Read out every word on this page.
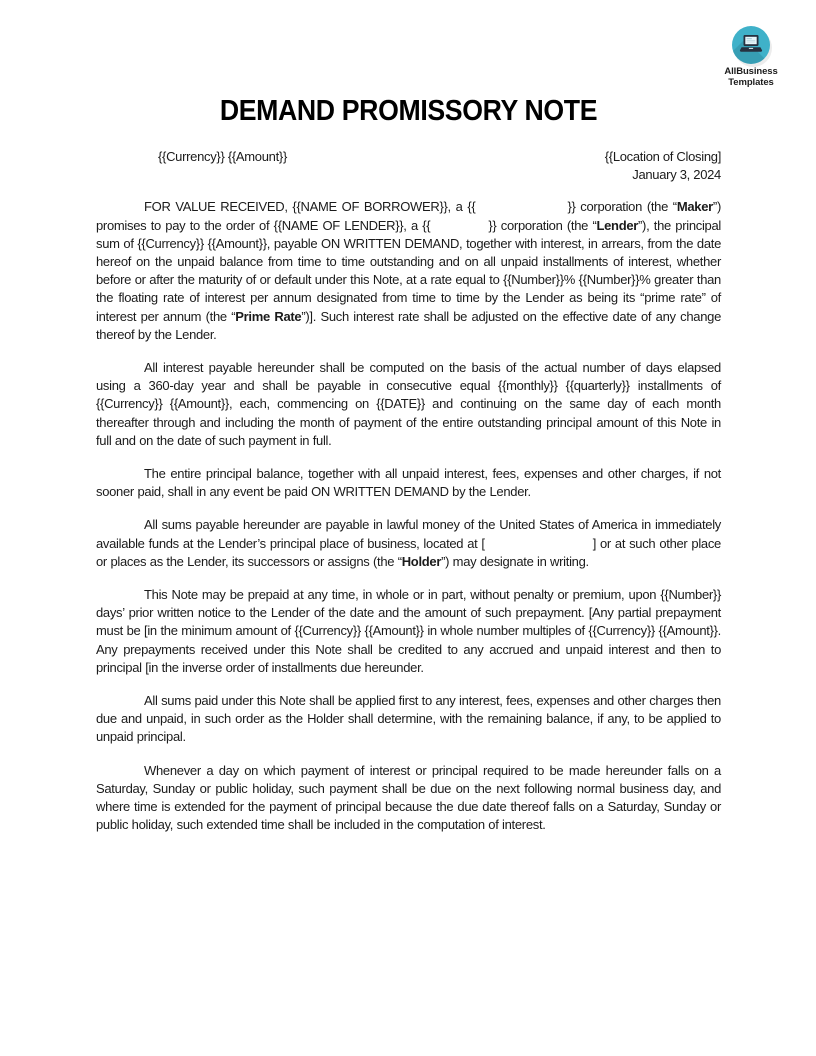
AllBusiness
Templates
DEMAND PROMISSORY NOTE
{{Currency}} {{Amount}}	{{Location of Closing]
January 3, 2024

FOR VALUE RECEIVED, {{NAME OF BORROWER}}, a {{	}} corporation (the “Maker”) promises to pay to the order of {{NAME OF LENDER}}, a {{	}} corporation (the “Lender”), the principal sum of {{Currency}} {{Amount}}, payable ON WRITTEN DEMAND, together with interest, in arrears, from the date hereof on the unpaid balance from time to time outstanding and on all unpaid installments of interest, whether before or after the maturity of or default under this Note, at a rate equal to {{Number}}% {{Number}}% greater than the floating rate of interest per annum designated from time to time by the Lender as being its “prime rate” of interest per annum (the “Prime Rate”)]. Such interest rate shall be adjusted on the effective date of any change thereof by the Lender.

All interest payable hereunder shall be computed on the basis of the actual number of days elapsed using a 360-day year and shall be payable in consecutive equal {{monthly}} {{quarterly}} installments of {{Currency}} {{Amount}}, each, commencing on {{DATE}} and continuing on the same day of each month thereafter through and including the month of payment of the entire outstanding principal amount of this Note in full and on the date of such payment in full.

The entire principal balance, together with all unpaid interest, fees, expenses and other charges, if not sooner paid, shall in any event be paid ON WRITTEN DEMAND by the Lender.

All sums payable hereunder are payable in lawful money of the United States of America in immediately available funds at the Lender’s principal place of business, located at [	] or at such other place or places as the Lender, its successors or assigns (the “Holder”) may designate in writing.

This Note may be prepaid at any time, in whole or in part, without penalty or premium, upon {{Number}} days’ prior written notice to the Lender of the date and the amount of such prepayment. [Any partial prepayment must be [in the minimum amount of {{Currency}} {{Amount}} in whole number multiples of {{Currency}} {{Amount}}. Any prepayments received under this Note shall be credited to any accrued and unpaid interest and then to principal [in the inverse order of installments due hereunder.

All sums paid under this Note shall be applied first to any interest, fees, expenses and other charges then due and unpaid, in such order as the Holder shall determine, with the remaining balance, if any, to be applied to unpaid principal.

Whenever a day on which payment of interest or principal required to be made hereunder falls on a Saturday, Sunday or public holiday, such payment shall be due on the next following normal business day, and where time is extended for the payment of principal because the due date thereof falls on a Saturday, Sunday or public holiday, such extended time shall be included in the computation of interest.
